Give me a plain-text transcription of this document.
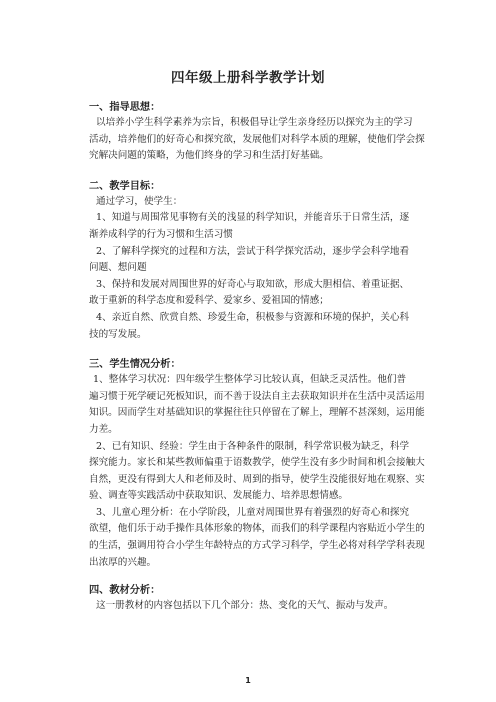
四年级上册科学教学计划
一、指导思想：
以培养小学生科学素养为宗旨，积极倡导让学生亲身经历以探究为主的学习
活动，培养他们的好奇心和探究欲，发展他们对科学本质的理解，使他们学会探
究解决问题的策略，为他们终身的学习和生活打好基础。
二、教学目标：
通过学习，使学生：
1、知道与周围常见事物有关的浅显的科学知识，并能音乐于日常生活，逐
渐养成科学的行为习惯和生活习惯
2、了解科学探究的过程和方法，尝试于科学探究活动，逐步学会科学地看
问题、想问题
3、保持和发展对周围世界的好奇心与取知欲，形成大胆相信、着重证据、
敢于重新的科学态度和爱科学、爱家乡、爱祖国的情感；
4、亲近自然、欣赏自然、珍爱生命，积极参与资源和环境的保护，关心科
技的写发展。
三、学生情况分析：
1、整体学习状况：四年级学生整体学习比较认真，但缺乏灵活性。他们普
遍习惯于死学硬记死板知识，而不善于设法自主去获取知识并在生活中灵活运用
知识。因而学生对基础知识的掌握往往只停留在了解上，理解不甚深刻，运用能
力差。
2、已有知识、经验：学生由于各种条件的限制，科学常识极为缺乏，科学
探究能力。家长和某些教师偏重于语数教学，使学生没有多少时间和机会接触大
自然，更没有得到大人和老师及时、周到的指导，使学生没能很好地在观察、实
验、调查等实践活动中获取知识、发展能力、培养思想情感。
3、儿童心理分析：在小学阶段，儿童对周围世界有着强烈的好奇心和探究
欲望，他们乐于动手操作具体形象的物体，而我们的科学课程内容贴近小学生的
的生活，强调用符合小学生年龄特点的方式学习科学，学生必将对科学学科表现
出浓厚的兴趣。
四、教材分析：
这一册教材的内容包括以下几个部分：热、变化的天气、振动与发声。
1
